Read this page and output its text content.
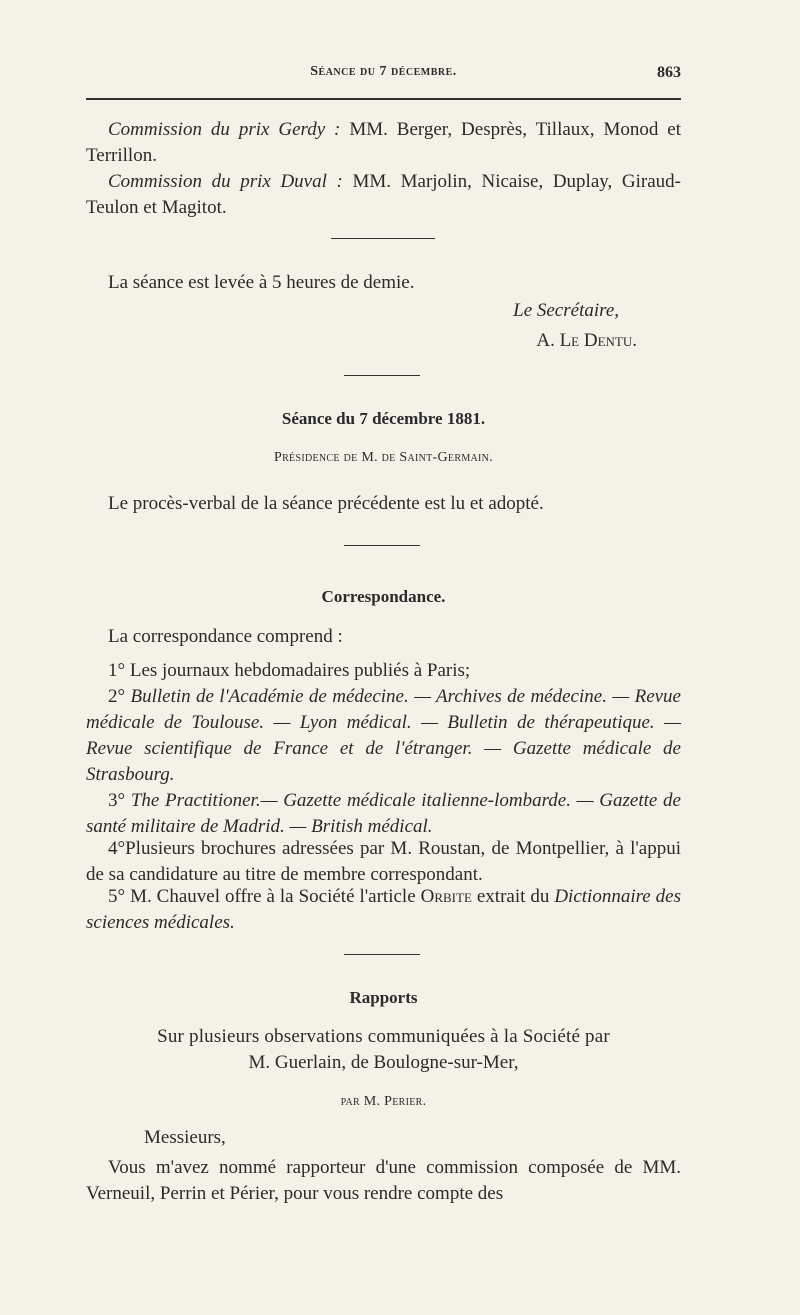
Séance du 7 décembre.	863
Commission du prix Gerdy : MM. Berger, Desprès, Tillaux, Monod et Terrillon.
Commission du prix Duval : MM. Marjolin, Nicaise, Duplay, Giraud-Teulon et Magitot.
La séance est levée à 5 heures de demie.
Le Secrétaire,
A. Le Dentu.
Séance du 7 décembre 1881.
Présidence de M. de Saint-Germain.
Le procès-verbal de la séance précédente est lu et adopté.
Correspondance.
La correspondance comprend :
1° Les journaux hebdomadaires publiés à Paris;
2° Bulletin de l'Académie de médecine. — Archives de médecine. — Revue médicale de Toulouse. — Lyon médical. — Bulletin de thérapeutique. — Revue scientifique de France et de l'étranger. — Gazette médicale de Strasbourg.
3° The Practitioner.— Gazette médicale italienne-lombarde. — Gazette de santé militaire de Madrid. — British médical.
4°Plusieurs brochures adressées par M. Roustan, de Montpellier, à l'appui de sa candidature au titre de membre correspondant.
5° M. Chauvel offre à la Société l'article Orbite extrait du Dictionnaire des sciences médicales.
Rapports
Sur plusieurs observations communiquées à la Société par
M. Guerlain, de Boulogne-sur-Mer,
par M. Perier.
Messieurs,
Vous m'avez nommé rapporteur d'une commission composée de MM. Verneuil, Perrin et Périer, pour vous rendre compte des
